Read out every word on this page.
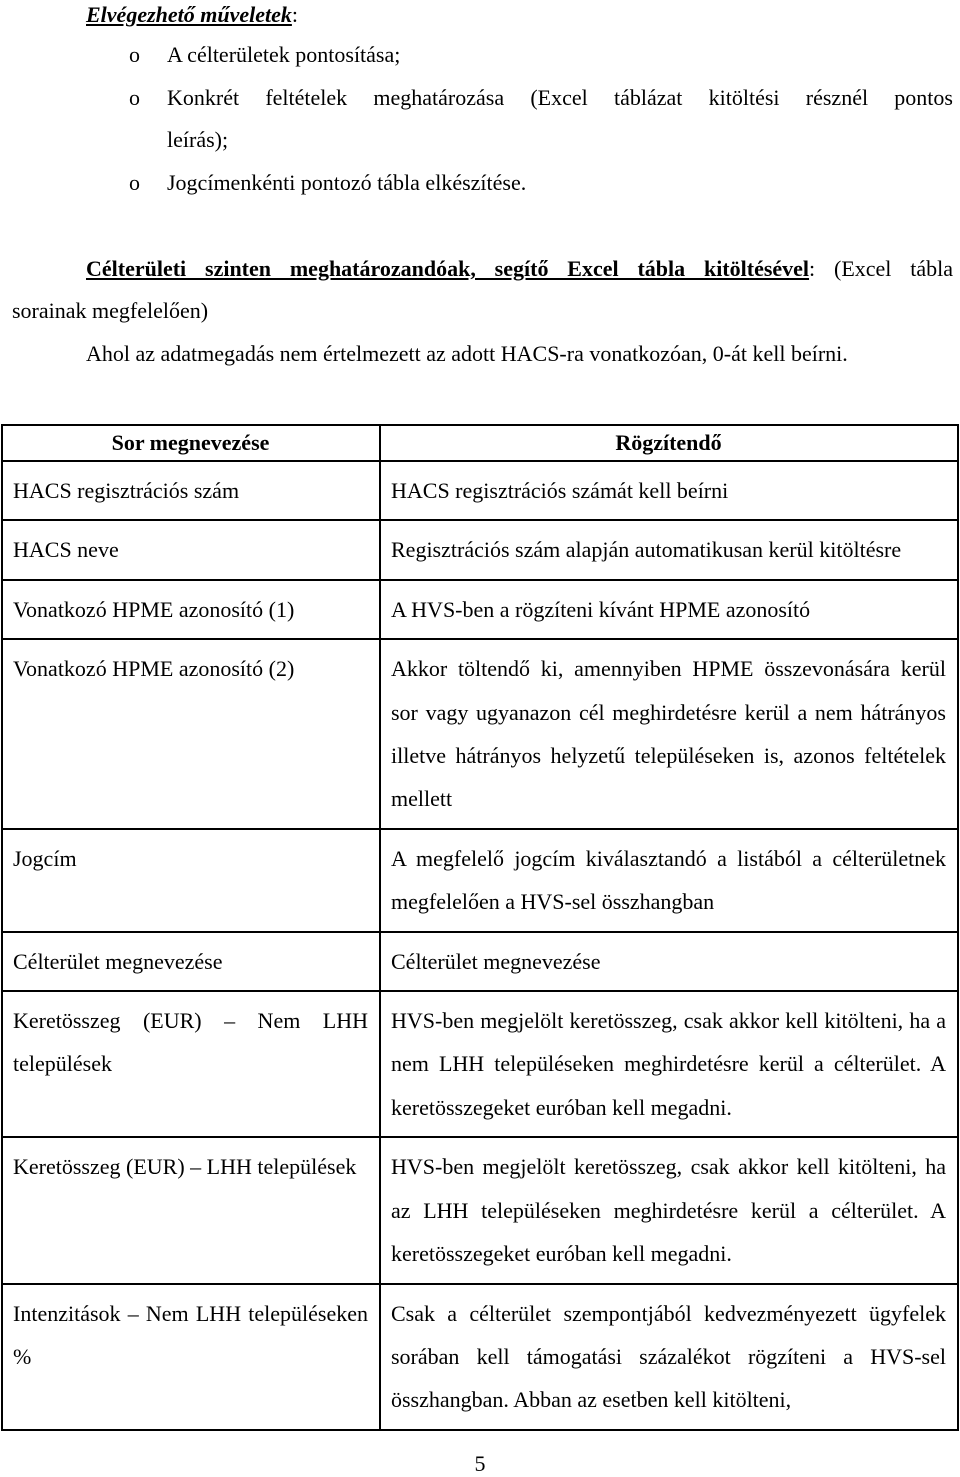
Elvégezhető műveletek:
o A célterületek pontosítása;
o Konkrét feltételek meghatározása (Excel táblázat kitöltési résznél pontos
leírás);
o Jogcímenkénti pontozó tábla elkészítése.
Célterületi szinten meghatározandóak, segítő Excel tábla kitöltésével: (Excel tábla
sorainak megfelelően)
Ahol az adatmegadás nem értelmezett az adott HACS-ra vonatkozóan, 0-át kell beírni.
Sor megnevezése	Rögzítendő
HACS regisztrációs szám	HACS regisztrációs számát kell beírni
HACS neve	Regisztrációs szám alapján automatikusan kerül kitöltésre
Vonatkozó HPME azonosító (1)	A HVS-ben a rögzíteni kívánt HPME azonosító
Vonatkozó HPME azonosító (2)	Akkor töltendő ki, amennyiben HPME összevonására kerül sor vagy ugyanazon cél meghirdetésre kerül a nem hátrányos illetve hátrányos helyzetű településeken is, azonos feltételek mellett
Jogcím	A megfelelő jogcím kiválasztandó a listából a célterületnek megfelelően a HVS-sel összhangban
Célterület megnevezése	Célterület megnevezése
Keretösszeg (EUR) – Nem LHH települések	HVS-ben megjelölt keretösszeg, csak akkor kell kitölteni, ha a nem LHH településeken meghirdetésre kerül a célterület. A keretösszegeket euróban kell megadni.
Keretösszeg (EUR) – LHH települések	HVS-ben megjelölt keretösszeg, csak akkor kell kitölteni, ha az LHH településeken meghirdetésre kerül a célterület. A keretösszegeket euróban kell megadni.
Intenzitások – Nem LHH településeken %	Csak a célterület szempontjából kedvezményezett ügyfelek sorában kell támogatási százalékot rögzíteni a HVS-sel összhangban. Abban az esetben kell kitölteni,
5
